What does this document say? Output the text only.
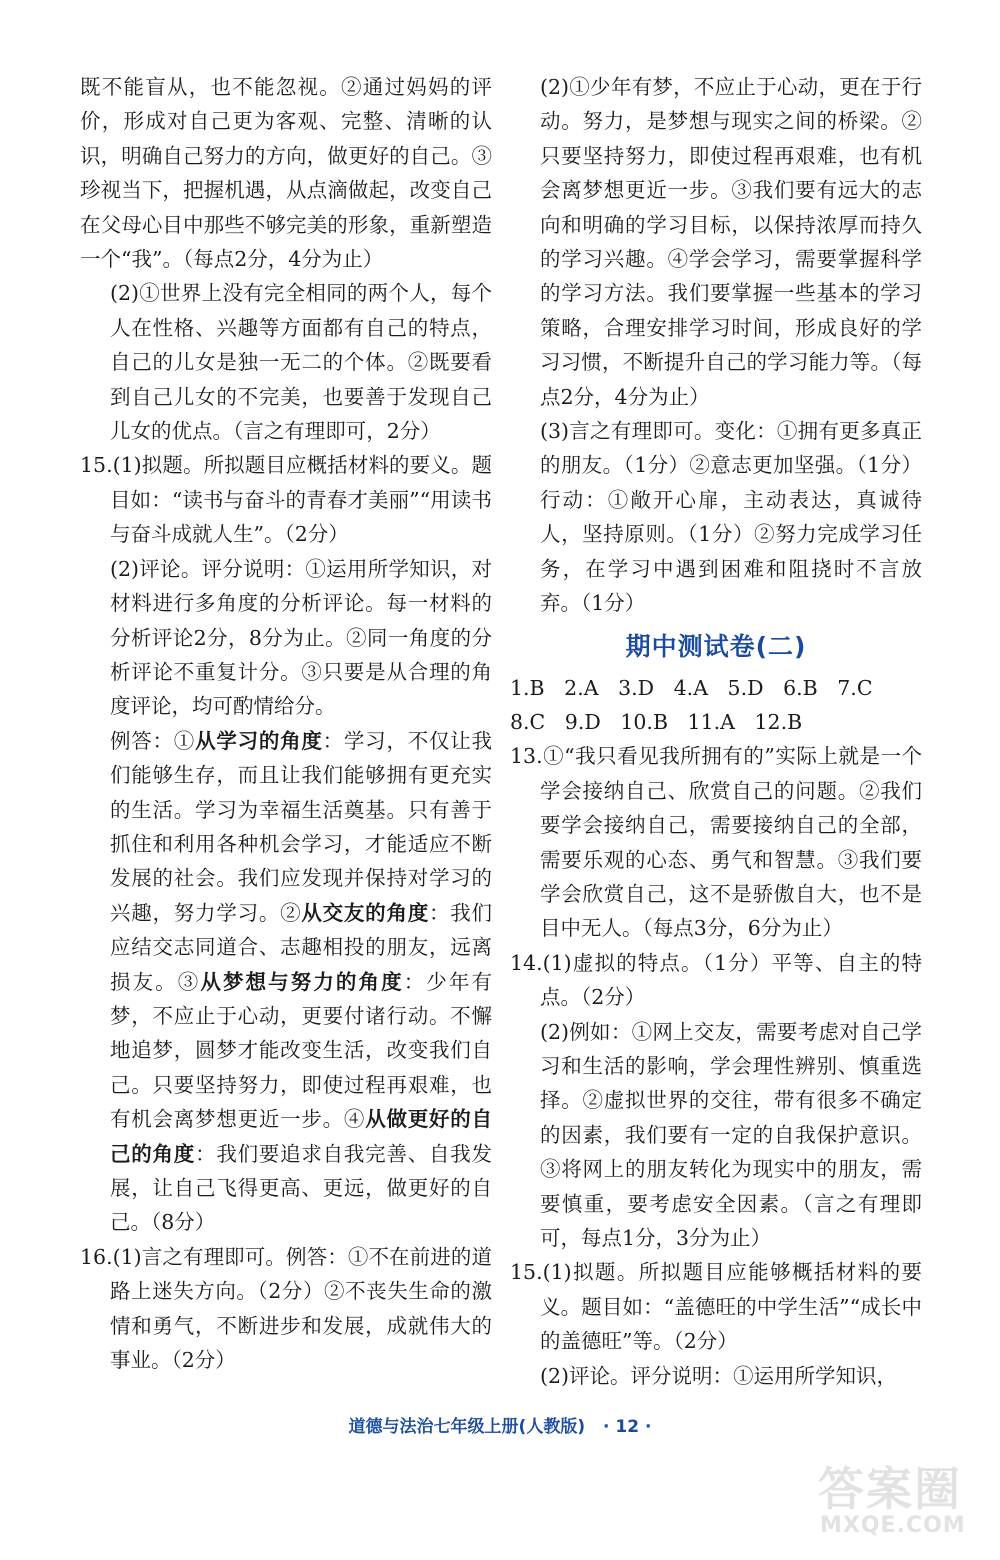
既不能盲从，也不能忽视。②通过妈妈的评价，形成对自己更为客观、完整、清晰的认识，明确自己努力的方向，做更好的自己。③珍视当下，把握机遇，从点滴做起，改变自己在父母心目中那些不够完美的形象，重新塑造一个“我”。（每点2分，4分为止）

(2)①世界上没有完全相同的两个人，每个人在性格、兴趣等方面都有自己的特点，自己的儿女是独一无二的个体。②既要看到自己儿女的不完美，也要善于发现自己儿女的优点。（言之有理即可，2分）

15.(1)拟题。所拟题目应概括材料的要义。题目如：“读书与奋斗的青春才美丽”“用读书与奋斗成就人生”。（2分）

(2)评论。评分说明：①运用所学知识，对材料进行多角度的分析评论。每一材料的分析评论2分，8分为止。②同一角度的分析评论不重复计分。③只要是从合理的角度评论，均可酌情给分。

例答：①从学习的角度：学习，不仅让我们能够生存，而且让我们能够拥有更充实的生活。学习为幸福生活奠基。只有善于抓住和利用各种机会学习，才能适应不断发展的社会。我们应发现并保持对学习的兴趣，努力学习。②从交友的角度：我们应结交志同道合、志趣相投的朋友，远离损友。③从梦想与努力的角度：少年有梦，不应止于心动，更要付诸行动。不懈地追梦，圆梦才能改变生活，改变我们自己。只要坚持努力，即使过程再艰难，也有机会离梦想更近一步。④从做更好的自己的角度：我们要追求自我完善、自我发展，让自己飞得更高、更远，做更好的自己。（8分）

16.(1)言之有理即可。例答：①不在前进的道路上迷失方向。（2分）②不丧失生命的激情和勇气，不断进步和发展，成就伟大的事业。（2分）

(2)①少年有梦，不应止于心动，更在于行动。努力，是梦想与现实之间的桥梁。②只要坚持努力，即使过程再艰难，也有机会离梦想更近一步。③我们要有远大的志向和明确的学习目标，以保持浓厚而持久的学习兴趣。④学会学习，需要掌握科学的学习方法。我们要掌握一些基本的学习策略，合理安排学习时间，形成良好的学习习惯，不断提升自己的学习能力等。（每点2分，4分为止）

(3)言之有理即可。变化：①拥有更多真正的朋友。（1分）②意志更加坚强。（1分）行动：①敞开心扉，主动表达，真诚待人，坚持原则。（1分）②努力完成学习任务，在学习中遇到困难和阻挠时不言放弃。（1分）

期中测试卷(二)

1.B   2.A   3.D   4.A   5.D   6.B   7.C

8.C   9.D   10.B   11.A   12.B

13.①“我只看见我所拥有的”实际上就是一个学会接纳自己、欣赏自己的问题。②我们要学会接纳自己，需要接纳自己的全部，需要乐观的心态、勇气和智慧。③我们要学会欣赏自己，这不是骄傲自大，也不是目中无人。（每点3分，6分为止）

14.(1)虚拟的特点。（1分）平等、自主的特点。（2分）

(2)例如：①网上交友，需要考虑对自己学习和生活的影响，学会理性辨别、慎重选择。②虚拟世界的交往，带有很多不确定的因素，我们要有一定的自我保护意识。③将网上的朋友转化为现实中的朋友，需要慎重，要考虑安全因素。（言之有理即可，每点1分，3分为止）

15.(1)拟题。所拟题目应能够概括材料的要义。题目如：“盖德旺的中学生活”“成长中的盖德旺”等。（2分）

(2)评论。评分说明：①运用所学知识，

道德与法治七年级上册(人教版) · 12 ·
答案圈
MXQE.COM
